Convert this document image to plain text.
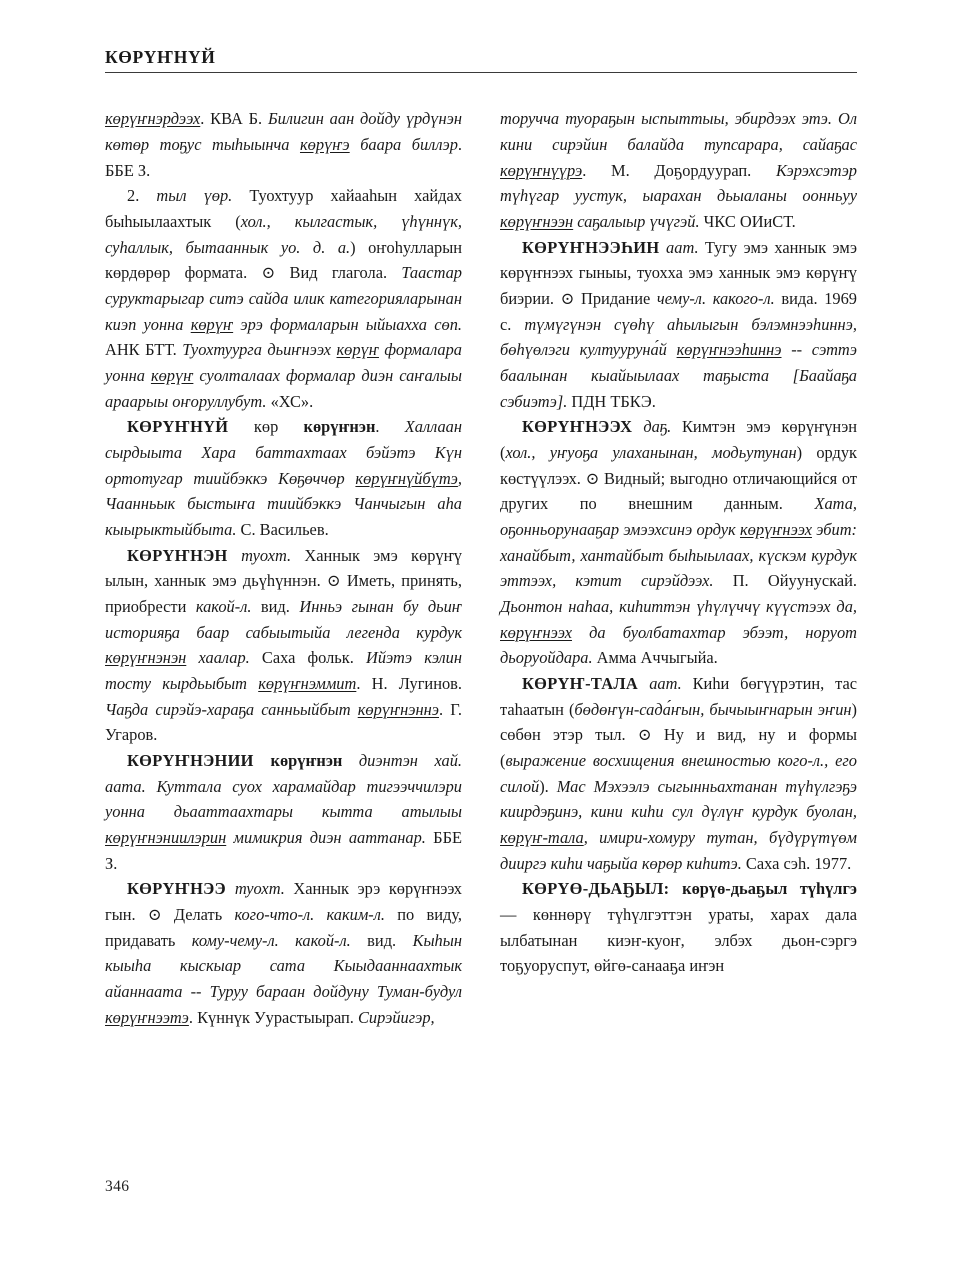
КӨРҮҤНҮЙ

көрүҥнэрдээх. КВА Б. Билигин аан дойду үрдүнэн көтөр тоҕус тыһыынча көрүҥэ баара биллэр. ББЕ З.

2. тыл үөр. Туохтуур хайааһын хайдах быһыылаахтык (хол., кылгастык, үһүннүк, суһаллык, бытааннык уо. д. а.) оҥоһулларын көрдөрөр формата. ⊙ Вид глагола. Таастар суруктарыгар ситэ сайда илик категорияларынан киэп уонна көрүҥ эрэ формаларын ыйыахха сөп. АНК БТТ. Туохтуурга дьиҥнээх көрүҥ формалара уонна көрүҥ суолталаах формалар диэн саҥалыы араарыы оҥоруллубут. «ХС».

КӨРҮҤНҮЙ көр көрүҥнэн. Халлаан сырдыыта Хара баттахтаах бэйэтэ Күн ортотугар тиийбэккэ Көҕөччөр көрүҥнүйбүтэ, Чаанньык быстыҥа тиийбэккэ Чанчыгын аһа кыырыктыйбыта. С. Васильев.

КӨРҮҤНЭН туохт. Ханнык эмэ көрүҥү ылын, ханнык эмэ дьүһүннэн. ⊙ Иметь, принять, приобрести какой-л. вид. Инньэ гынан бу дьиҥ историяҕа баар сабыытыйа легенда курдук көрүҥнэнэн хаалар. Саха фольк. Ийэтэ кэлин тосту кырдьыбыт көрүҥнэммит. Н. Лугинов. Чаҕда сирэйэ-хараҕа санньыйбыт көрүҥнэннэ. Г. Угаров.

КӨРҮҤНЭНИИ көрүҥнэн диэнтэн хай. аата. Куттала суох харамайдар тигээччилэри уонна дьааттаахтары кытта атылыы көрүҥнэниилэрин мимикрия диэн ааттанар. ББЕ З.

КӨРҮҤНЭЭ туохт. Ханнык эрэ көрүҥнээх гын. ⊙ Делать кого-что-л. каким-л. по виду, придавать кому-чему-л. какой-л. вид. Кыһын кыыһа кыскыар сата Кыыдааннаахтык айаннаата -- Туруу бараан дойдуну Туман-будул көрүҥнээтэ. Күннүк Уурастыырап. Сирэйигэр,

торучча туораҕын ыспыттыы, эбирдээх этэ. Ол кини сирэйин балайда тупсарара, сайаҕас көрүҥнүүрэ. М. Доҕордуурап. Кэрэхсэтэр түһүгар уустук, ыарахан дьыаланы оонньуу көрүҥнээн саҕалыыр үчүгэй. ЧКС ОИиСТ.

КӨРҮҤНЭЭҺИН аат. Тугу эмэ ханнык эмэ көрүҥнээх гыныы, туохха эмэ ханнык эмэ көрүҥү биэрии. ⊙ Придание чему-л. какого-л. вида. 1969 с. түмүгүнэн сүөһү аһылыгын бэлэмнээһиннэ, бөһүөлэги култууруна́й көрүҥнээһиннэ -- сэттэ баалынан кыайыылаах таҕыста [Баайаҕа сэбиэтэ]. ПДН ТБКЭ.

КӨРҮҤНЭЭХ даҕ. Кимтэн эмэ көрүҥүнэн (хол., уҥуоҕа улаханынан, модьутунан) ордук көстүүлээх. ⊙ Видный; выгодно отличающийся от других по внешним данным. Хата, оҕонньорунааҕар эмээхсинэ ордук көрүҥнээх эбит: ханайбыт, хантайбыт быһыылаах, күскэм курдук эттээх, кэтит сирэйдээх. П. Ойуунускай. Дьонтон наһаа, киһиттэн үһүлүччү күүстээх да, көрүҥнээх да буолбатахтар эбээт, норуот дьоруойдара. Амма Аччыгыйа.

КӨРҮҤ-ТАЛА аат. Киһи бөгүүрэтин, тас таһаатын (бөдөҥүн-сада́ҥын, бычыыҥнарын эҥин) сөбөн этэр тыл. ⊙ Ну и вид, ну и формы (выражение восхищения внешностью кого-л., его силой). Мас Мэхээлэ сыгынньахтанан түһүлгэҕэ киирдэҕинэ, кини киһи сул дүлүҥ курдук буолан, көрүҥ-тала, имири-хомуру тутан, бүдүрүтүөм дииргэ киһи чаҕыйа көрөр киһитэ. Саха сэһ. 1977.

КӨРҮӨ-ДЬАҔЫЛ: көрүө-дьаҕыл түһүлгэ — көннөрү түһүлгэттэн ураты, харах дала ылбатынан киэҥ-куоҥ, элбэх дьон-сэргэ тоҕуоруспут, өйгө-санааҕа иҥэн

346
